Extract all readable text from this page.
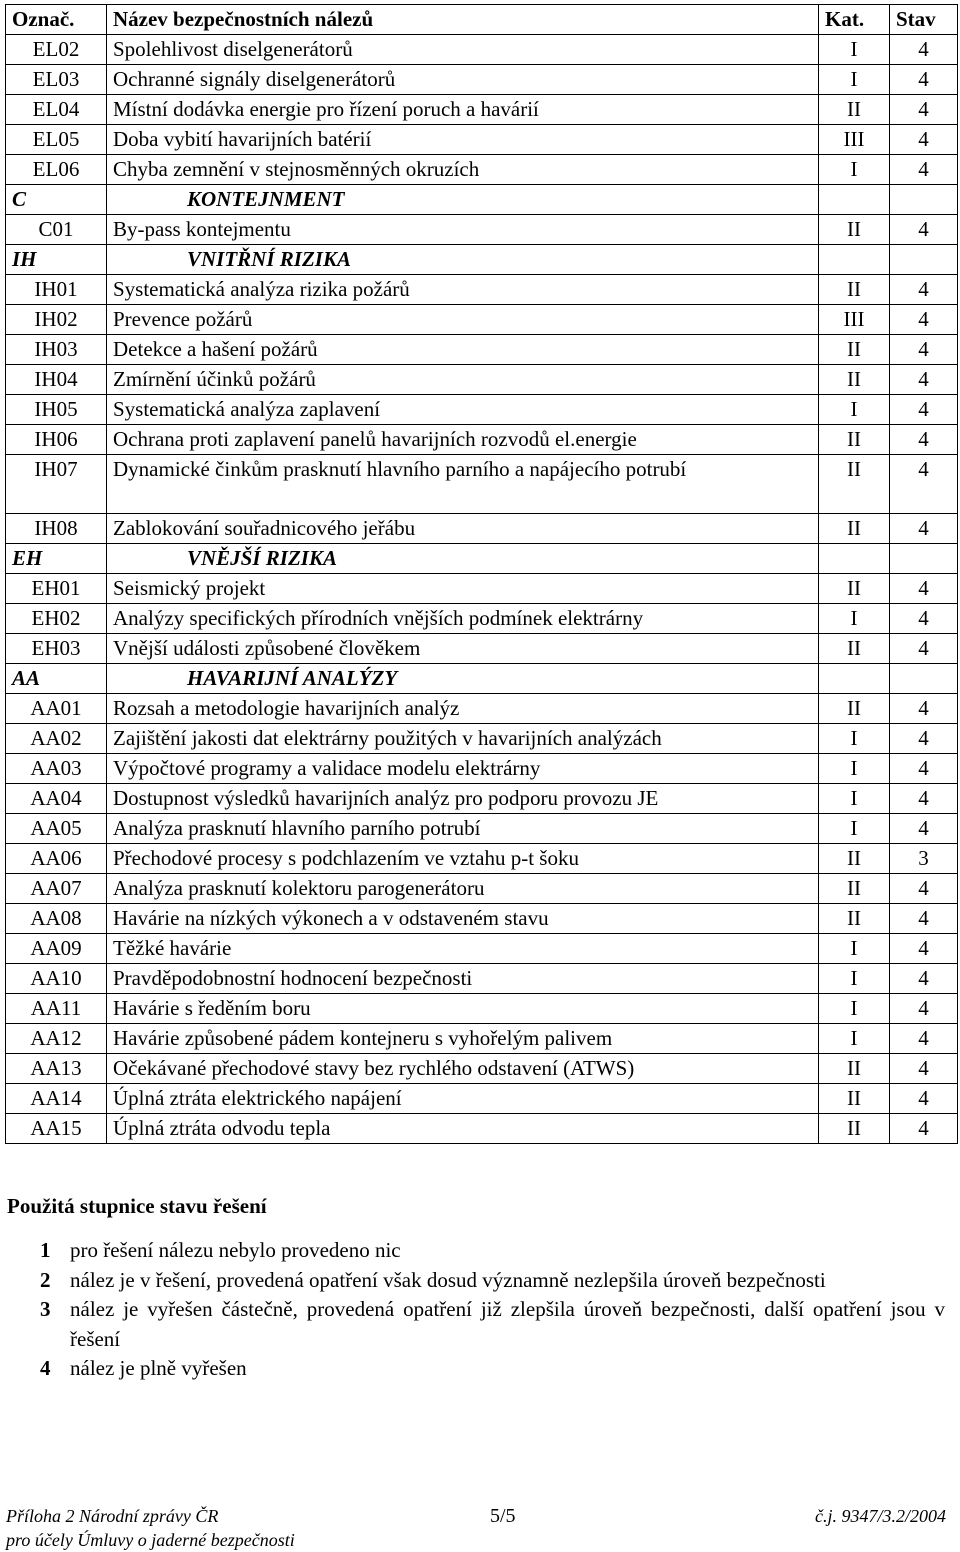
Označ.	Název bezpečnostních nálezů	Kat.	Stav
EL02	Spolehlivost diselgenerátorů	I	4
EL03	Ochranné signály diselgenerátorů	I	4
EL04	Místní dodávka energie pro řízení poruch a havárií	II	4
EL05	Doba vybití havarijních batérií	III	4
EL06	Chyba zemnění v stejnosměnných okruzích	I	4
C	KONTEJNMENT		
C01	By-pass kontejmentu	II	4
IH	VNITŘNÍ RIZIKA		
IH01	Systematická analýza rizika požárů	II	4
IH02	Prevence požárů	III	4
IH03	Detekce a hašení požárů	II	4
IH04	Zmírnění účinků požárů	II	4
IH05	Systematická analýza zaplavení	I	4
IH06	Ochrana proti zaplavení panelů havarijních rozvodů el.energie	II	4
IH07	Dynamické činkům prasknutí hlavního parního a napájecího potrubí	II	4
IH08	Zablokování souřadnicového jeřábu	II	4
EH	VNĚJŠÍ RIZIKA		
EH01	Seismický projekt	II	4
EH02	Analýzy specifických přírodních vnějších podmínek elektrárny	I	4
EH03	Vnější události způsobené člověkem	II	4
AA	HAVARIJNÍ ANALÝZY		
AA01	Rozsah a metodologie havarijních analýz	II	4
AA02	Zajištění jakosti dat elektrárny použitých v havarijních analýzách	I	4
AA03	Výpočtové programy a validace modelu elektrárny	I	4
AA04	Dostupnost výsledků havarijních analýz pro podporu provozu JE	I	4
AA05	Analýza prasknutí hlavního parního potrubí	I	4
AA06	Přechodové procesy s podchlazením ve vztahu p-t šoku	II	3
AA07	Analýza prasknutí kolektoru parogenerátoru	II	4
AA08	Havárie na nízkých výkonech a v odstaveném stavu	II	4
AA09	Těžké havárie	I	4
AA10	Pravděpodobnostní hodnocení bezpečnosti	I	4
AA11	Havárie s ředěním boru	I	4
AA12	Havárie způsobené pádem kontejneru s vyhořelým palivem	I	4
AA13	Očekávané přechodové stavy bez rychlého odstavení (ATWS)	II	4
AA14	Úplná ztráta elektrického napájení	II	4
AA15	Úplná ztráta odvodu tepla	II	4
Použitá stupnice stavu řešení
1 pro řešení nálezu nebylo provedeno nic
2 nález je v řešení, provedená opatření však dosud významně nezlepšila úroveň bezpečnosti
3 nález je vyřešen částečně, provedená opatření již zlepšila úroveň bezpečnosti, další opatření jsou v řešení
4 nález je plně vyřešen
Příloha 2 Národní zprávy ČR
pro účely Úmluvy o jaderné bezpečnosti
5/5	č.j. 9347/3.2/2004
